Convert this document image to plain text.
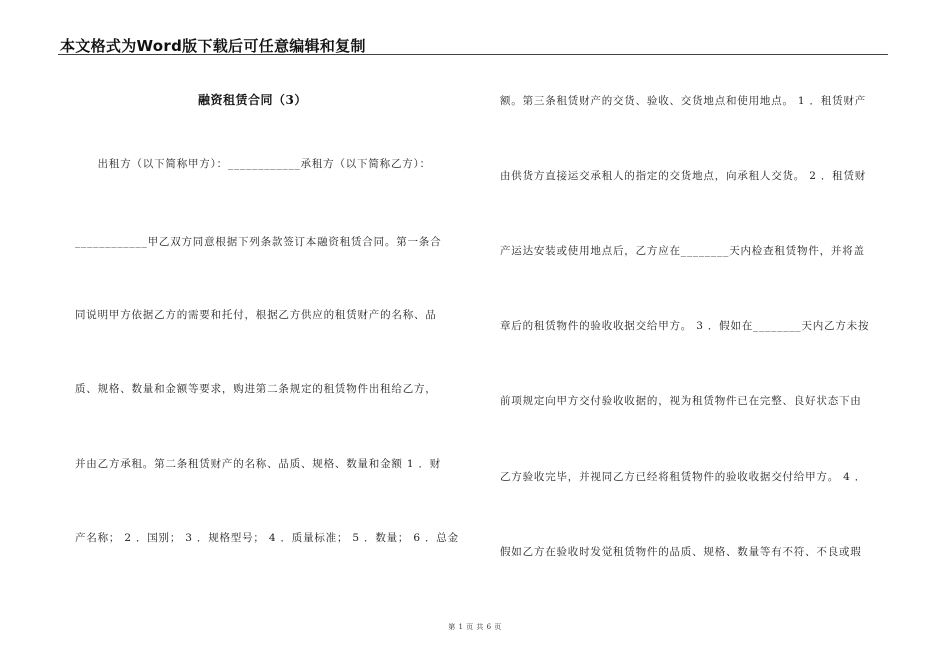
本文格式为Word版下载后可任意编辑和复制
融资租赁合同（3）
　　出租方（以下简称甲方）：____________承租方（以下简称乙方）：
____________甲乙双方同意根据下列条款签订本融资租赁合同。第一条合
同说明甲方依据乙方的需要和托付，根据乙方供应的租赁财产的名称、品
质、规格、数量和金额等要求，购进第二条规定的租赁物件出租给乙方，
并由乙方承租。第二条租赁财产的名称、品质、规格、数量和金额 1 ．财
产名称； 2 ．国别； 3 ．规格型号； 4 ．质量标准； 5 ．数量； 6 ．总金
额。第三条租赁财产的交货、验收、交货地点和使用地点。 1 ．租赁财产
由供货方直接运交承租人的指定的交货地点，向承租人交货。 2 ．租赁财
产运达安装或使用地点后，乙方应在________天内检查租赁物件，并将盖
章后的租赁物件的验收收据交给甲方。 3 ．假如在________天内乙方未按
前项规定向甲方交付验收收据的，视为租赁物件已在完整、良好状态下由
乙方验收完毕，并视同乙方已经将租赁物件的验收收据交付给甲方。 4 ．
假如乙方在验收时发觉租赁物件的品质、规格、数量等有不符、不良或瑕
第 1 页 共 6 页
